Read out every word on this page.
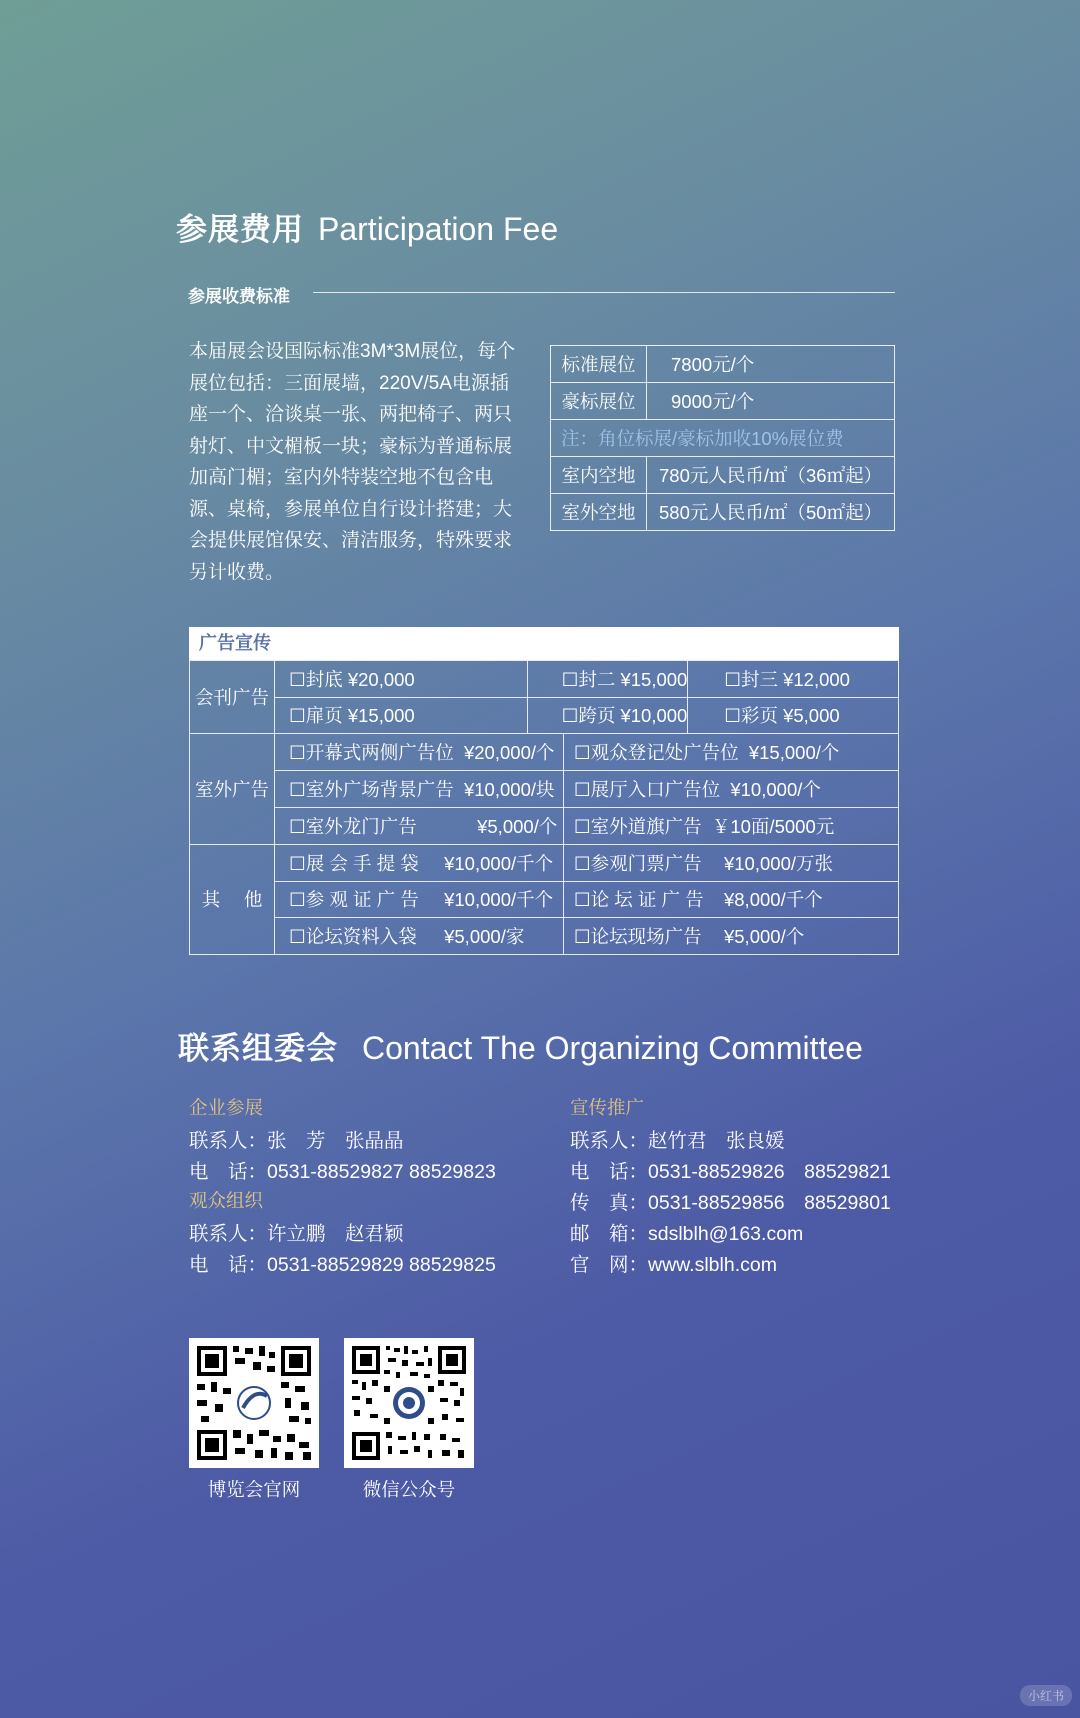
参展费用 Participation Fee
参展收费标准
本届展会设国际标准3M*3M展位，每个展位包括：三面展墙，220V/5A电源插座一个、洽谈桌一张、两把椅子、两只射灯、中文楣板一块；豪标为普通标展加高门楣；室内外特装空地不包含电源、桌椅，参展单位自行设计搭建；大会提供展馆保安、清洁服务，特殊要求另计收费。
标准展位	7800元/个
豪标展位	9000元/个
注：角位标展/豪标加收10%展位费	
室内空地	780元人民币/㎡（36㎡起）
室外空地	580元人民币/㎡（50㎡起）
广告宣传
会刊广告	☐封底 ¥20,000	☐封二 ¥15,000		☐封三 ¥12,000
	☐扉页 ¥15,000	☐跨页 ¥10,000		☐彩页 ¥5,000
室外广告	☐开幕式两侧广告位 ¥20,000/个		☐观众登记处广告位 ¥15,000/个	
	☐室外广场背景广告 ¥10,000/块		☐展厅入口广告位 ¥10,000/个	
	☐室外龙门广告 ¥5,000/个		☐室外道旗广告 ￥10面/5000元	
其　 他	☐展 会 手 提 袋 ¥10,000/千个		☐参观门票广告 ¥10,000/万张	
	☐参 观 证 广 告 ¥10,000/千个		☐论 坛 证 广 告 ¥8,000/千个	
	☐论坛资料入袋 ¥5,000/家		☐论坛现场广告 ¥5,000/个	
联系组委会 Contact The Organizing Committee
企业参展
联系人：张　芳　张晶晶
电　话：0531-88529827 88529823
观众组织
联系人：许立鹏　赵君颖
电　话：0531-88529829 88529825
宣传推广
联系人：赵竹君　张良媛
电　话：0531-88529826　88529821
传　真：0531-88529856　88529801
邮　箱：sdslblh@163.com
官　网：www.slblh.com
博览会官网	微信公众号
小红书
